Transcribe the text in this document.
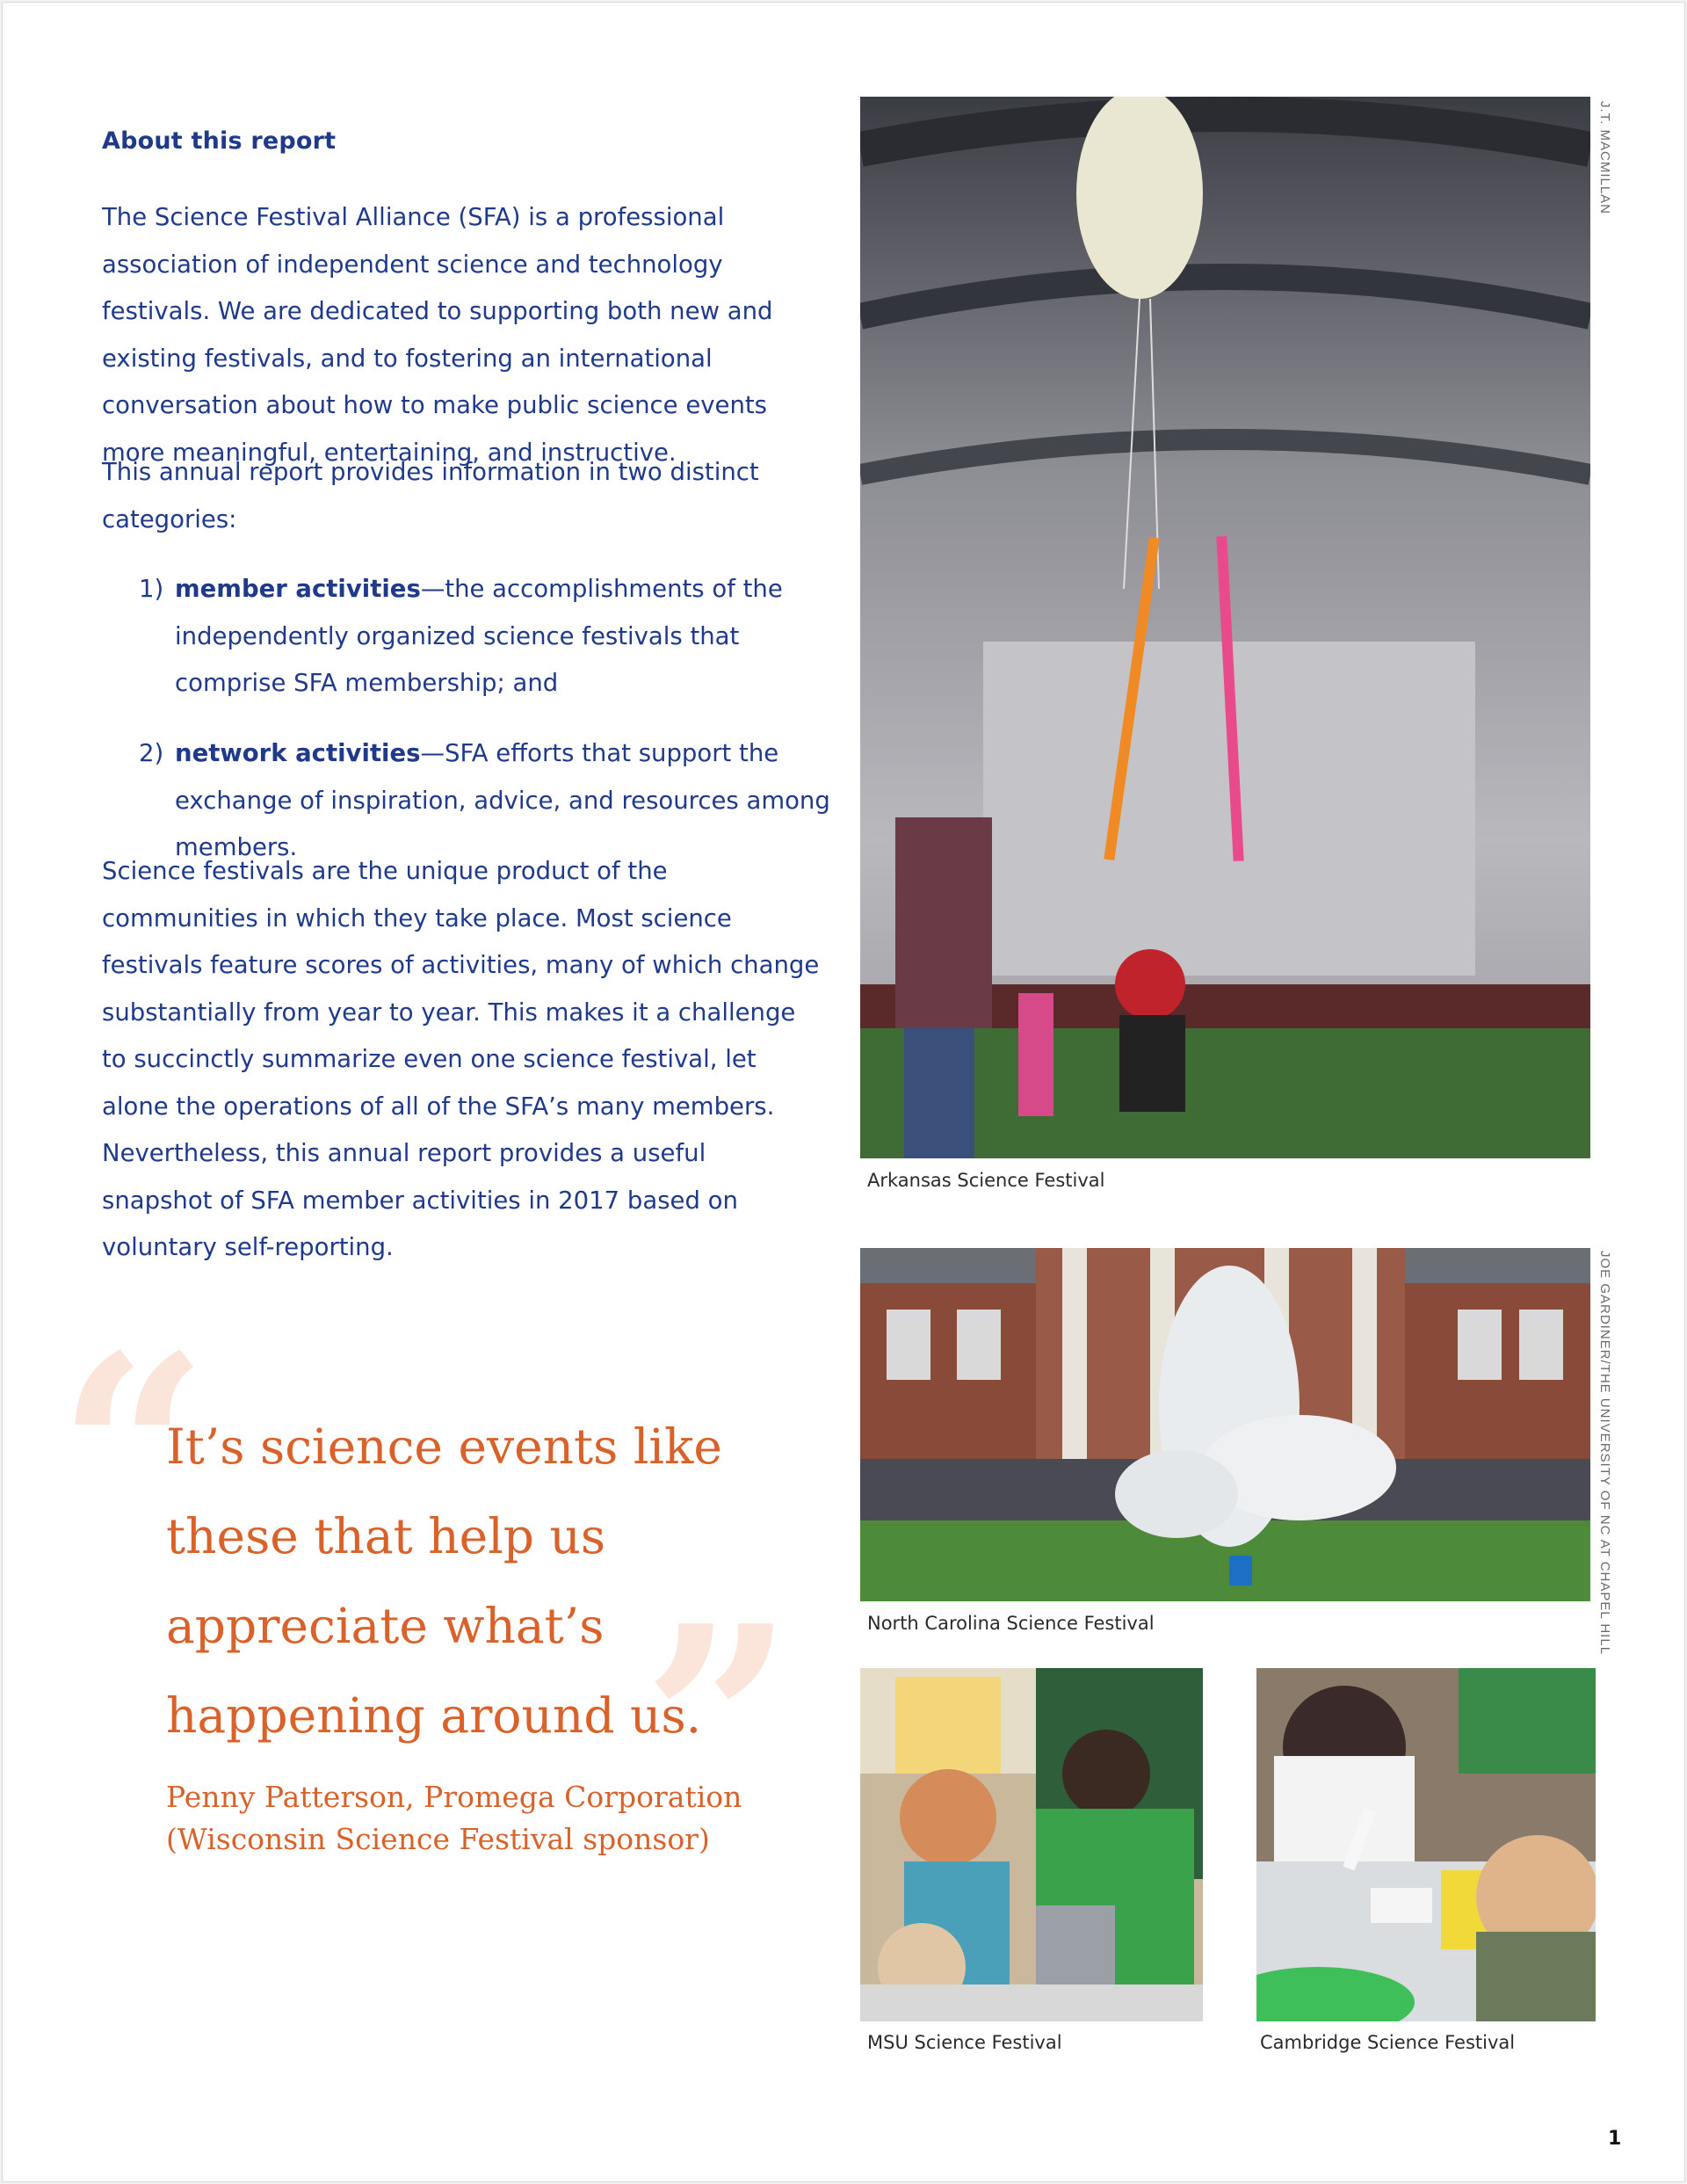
About this report

The Science Festival Alliance (SFA) is a professional association of independent science and technology festivals. We are dedicated to supporting both new and existing festivals, and to fostering an international conversation about how to make public science events more meaningful, entertaining, and instructive.

This annual report provides information in two distinct categories:

1) member activities—the accomplishments of the independently organized science festivals that comprise SFA membership; and
2) network activities—SFA efforts that support the exchange of inspiration, advice, and resources among members.

Science festivals are the unique product of the communities in which they take place. Most science festivals feature scores of activities, many of which change substantially from year to year. This makes it a challenge to succinctly summarize even one science festival, let alone the operations of all of the SFA’s many members. Nevertheless, this annual report provides a useful snapshot of SFA member activities in 2017 based on voluntary self-reporting.

“
”
It’s science events like these that help us appreciate what’s happening around us.
Penny Patterson, Promega Corporation
(Wisconsin Science Festival sponsor)
Arkansas Science Festival
J.T. MACMILLAN
North Carolina Science Festival	JOE GARDINER/THE UNIVERSITY OF NC AT CHAPEL HILL
MSU Science Festival	Cambridge Science Festival
1
